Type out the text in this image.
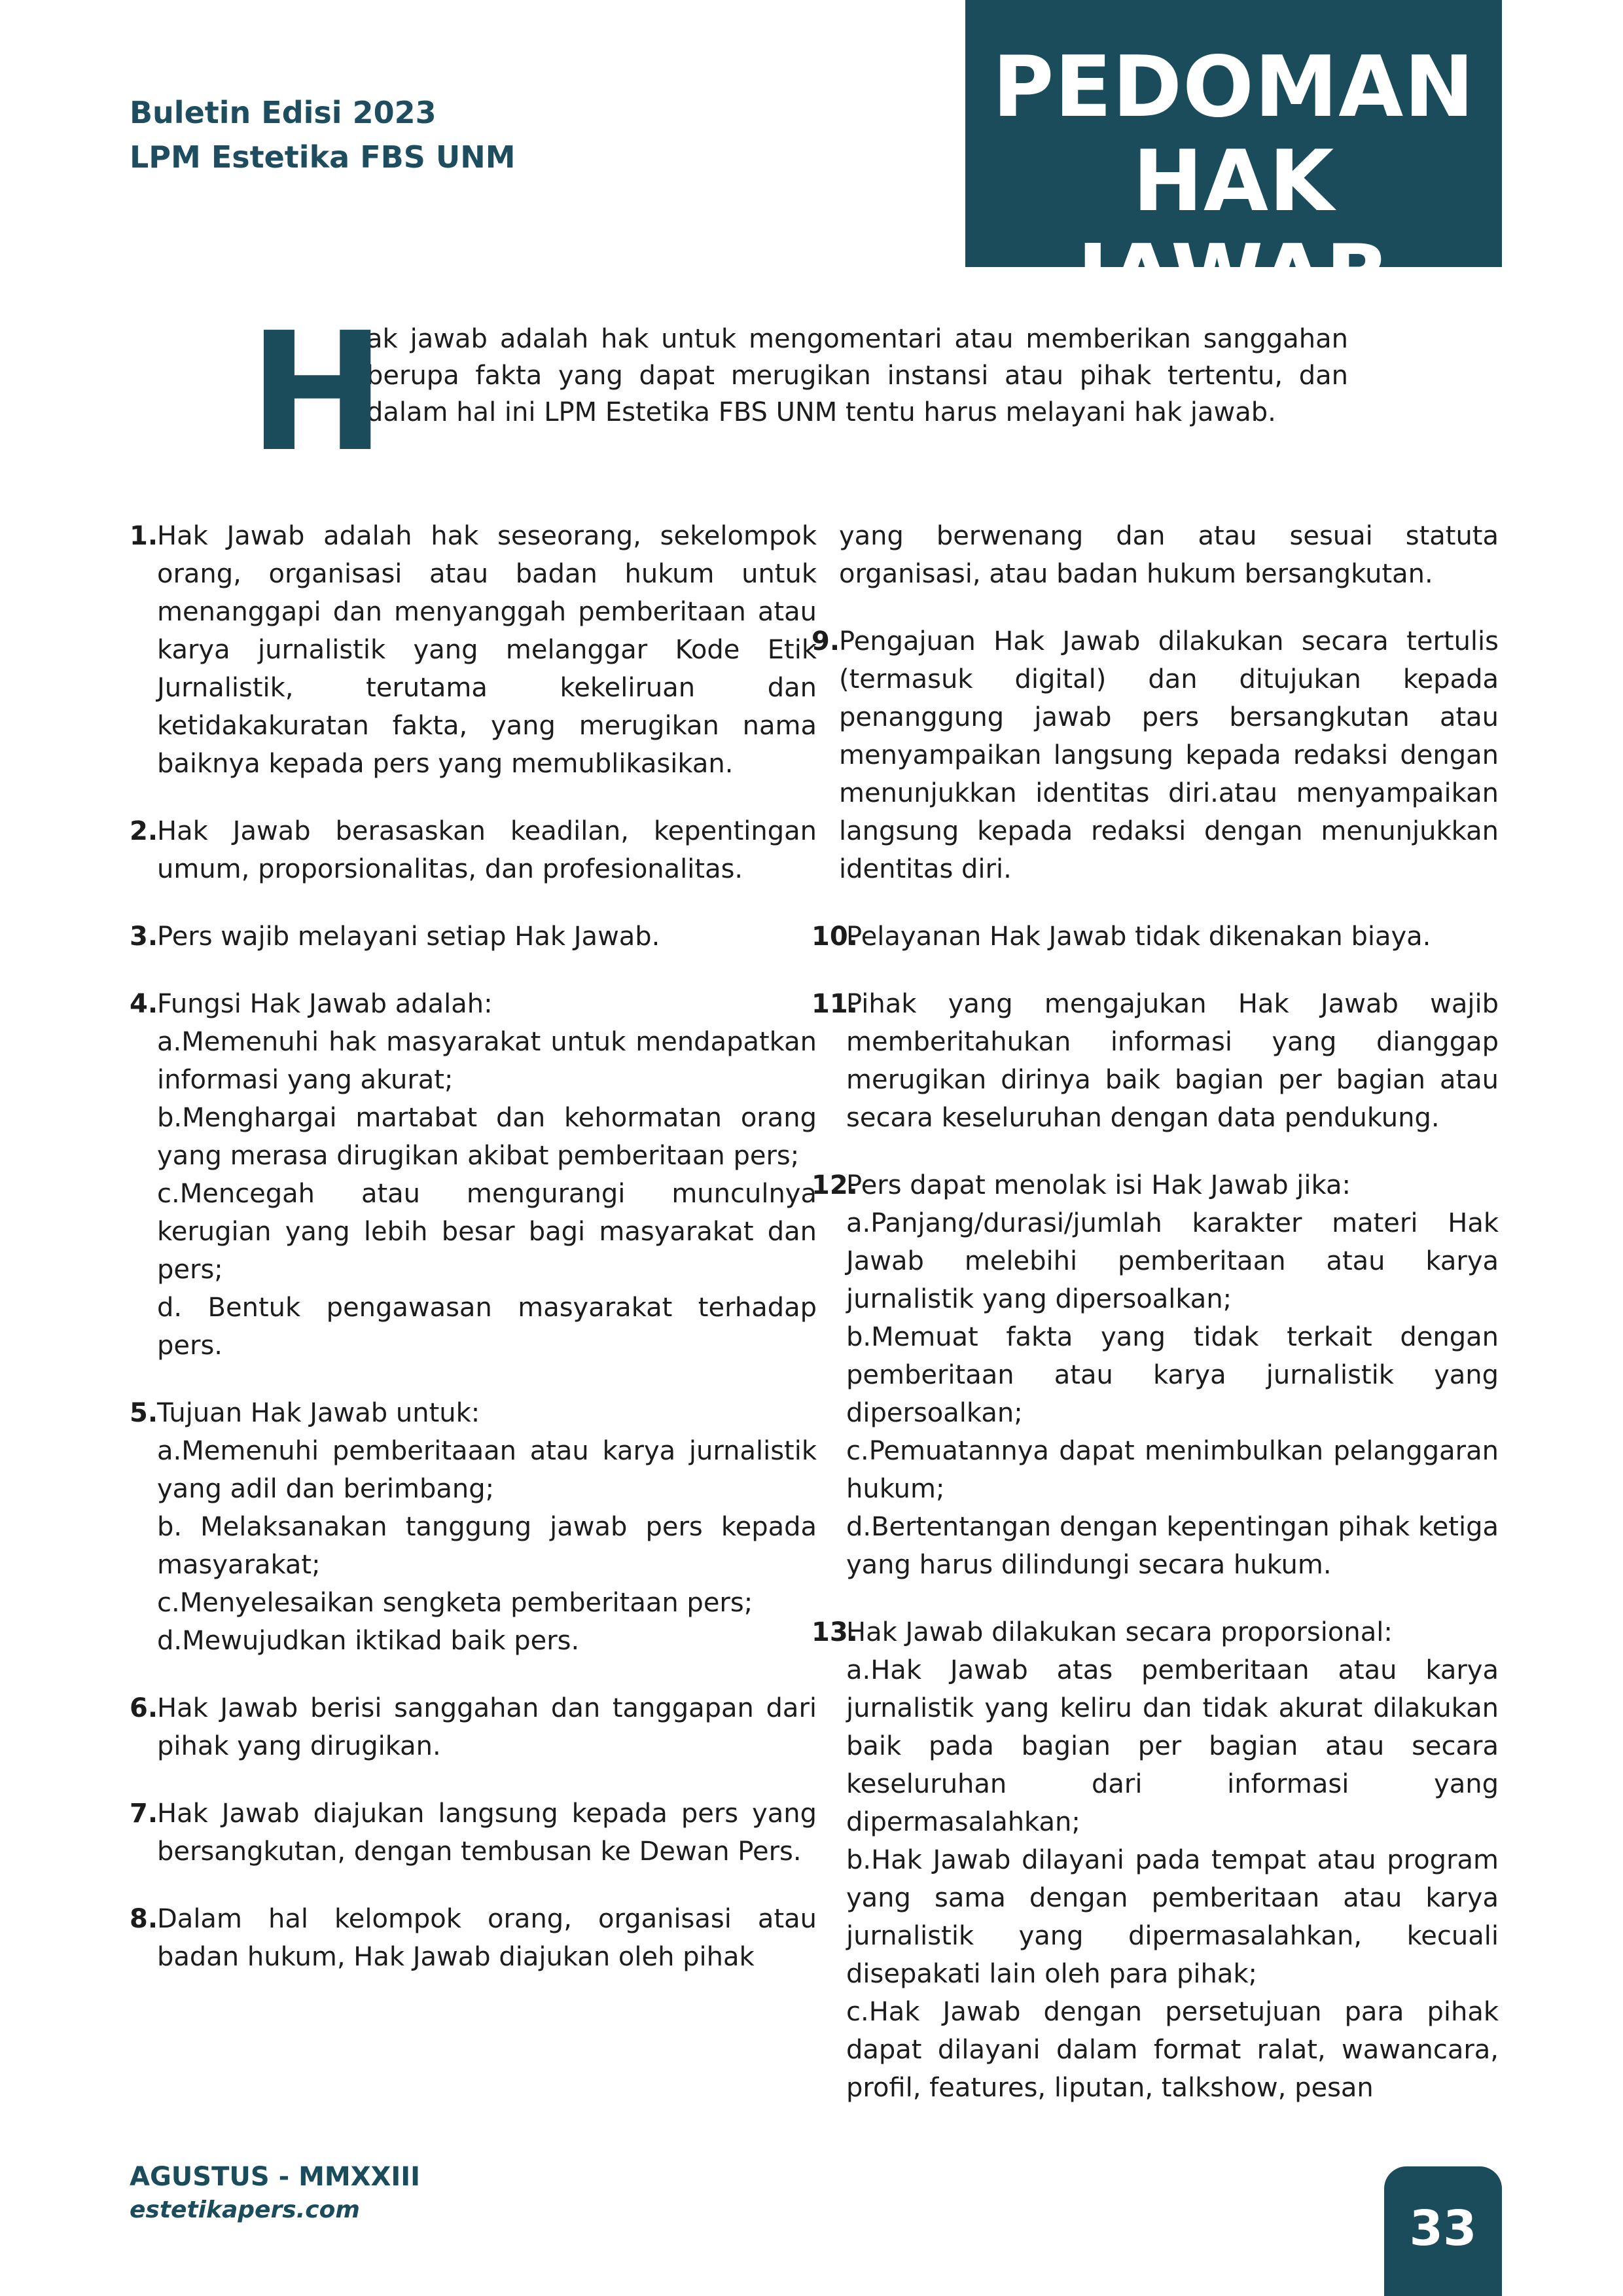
Buletin Edisi 2023
LPM Estetika FBS UNM
PEDOMAN
HAK JAWAB
H
ak jawab adalah hak untuk mengomentari atau memberikan sanggahan berupa fakta yang dapat merugikan instansi atau pihak tertentu, dan dalam hal ini LPM Estetika FBS UNM tentu harus melayani hak jawab.
1.
Hak Jawab adalah hak seseorang, sekelompok orang, organisasi atau badan hukum untuk menanggapi dan menyanggah pemberitaan atau karya jurnalistik yang melanggar Kode Etik Jurnalistik, terutama kekeliruan dan ketidakakuratan fakta, yang merugikan nama baiknya kepada pers yang memublikasikan.
2.
Hak Jawab berasaskan keadilan, kepentingan umum, proporsionalitas, dan profesionalitas.
3.
Pers wajib melayani setiap Hak Jawab.
4.
Fungsi Hak Jawab adalah:
a.Memenuhi hak masyarakat untuk mendapatkan informasi yang akurat;
b.Menghargai martabat dan kehormatan orang yang merasa dirugikan akibat pemberitaan pers;
c.Mencegah atau mengurangi munculnya kerugian yang lebih besar bagi masyarakat dan pers;
d. Bentuk pengawasan masyarakat terhadap pers.
5.
Tujuan Hak Jawab untuk:
a.Memenuhi pemberitaaan atau karya jurnalistik yang adil dan berimbang;
b. Melaksanakan tanggung jawab pers kepada masyarakat;
c.Menyelesaikan sengketa pemberitaan pers;
d.Mewujudkan iktikad baik pers.
6.
Hak Jawab berisi sanggahan dan tanggapan dari pihak yang dirugikan.
7.
Hak Jawab diajukan langsung kepada pers yang bersangkutan, dengan tembusan ke Dewan Pers.
8.
Dalam hal kelompok orang, organisasi atau badan hukum, Hak Jawab diajukan oleh pihak
yang berwenang dan atau sesuai statuta organisasi, atau badan hukum bersangkutan.
9.
Pengajuan Hak Jawab dilakukan secara tertulis (termasuk digital) dan ditujukan kepada penanggung jawab pers bersangkutan atau menyampaikan langsung kepada redaksi dengan menunjukkan identitas diri.atau menyampaikan langsung kepada redaksi dengan menunjukkan identitas diri.
10.
Pelayanan Hak Jawab tidak dikenakan biaya.
11.
Pihak yang mengajukan Hak Jawab wajib memberitahukan informasi yang dianggap merugikan dirinya baik bagian per bagian atau secara keseluruhan dengan data pendukung.
12.
Pers dapat menolak isi Hak Jawab jika:
a.Panjang/durasi/jumlah karakter materi Hak Jawab melebihi pemberitaan atau karya jurnalistik yang dipersoalkan;
b.Memuat fakta yang tidak terkait dengan pemberitaan atau karya jurnalistik yang dipersoalkan;
c.Pemuatannya dapat menimbulkan pelanggaran hukum;
d.Bertentangan dengan kepentingan pihak ketiga yang harus dilindungi secara hukum.
13.
Hak Jawab dilakukan secara proporsional:
a.Hak Jawab atas pemberitaan atau karya jurnalistik yang keliru dan tidak akurat dilakukan baik pada bagian per bagian atau secara keseluruhan dari informasi yang dipermasalahkan;
b.Hak Jawab dilayani pada tempat atau program yang sama dengan pemberitaan atau karya jurnalistik yang dipermasalahkan, kecuali disepakati lain oleh para pihak;
c.Hak Jawab dengan persetujuan para pihak dapat dilayani dalam format ralat, wawancara, profil, features, liputan, talkshow, pesan
AGUSTUS - MMXXIII
estetikapers.com	33
